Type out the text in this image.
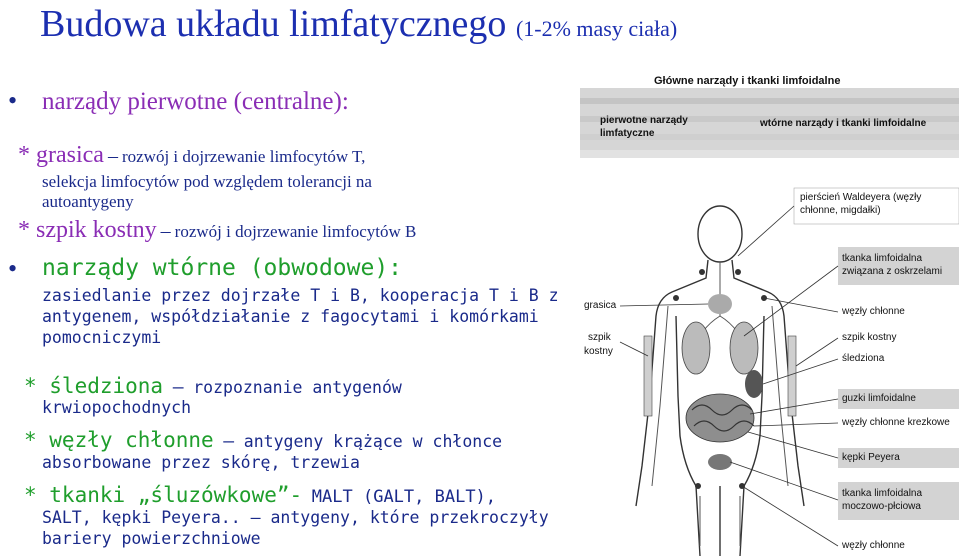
Budowa układu limfatycznego (1-2% masy ciała)
• narządy pierwotne (centralne):
* grasica – rozwój i dojrzewanie limfocytów T,
selekcja limfocytów pod względem tolerancji na
autoantygeny
* szpik kostny – rozwój i dojrzewanie limfocytów B
• narządy wtórne (obwodowe):
zasiedlanie przez dojrzałe T i B, kooperacja T i B z
antygenem, współdziałanie z fagocytami i komórkami
pomocniczymi
* śledziona – rozpoznanie antygenów
krwiopochodnych
* węzły chłonne – antygeny krążące w chłonce
absorbowane przez skórę, trzewia
* tkanki „śluzówkowe”- MALT (GALT, BALT),
SALT, kępki Peyera.. – antygeny, które przekroczyły
bariery powierzchniowe
Główne narządy i tkanki limfoidalne
pierwotne narządy
limfatyczne
wtórne narządy i tkanki limfoidalne
grasica
szpik
kostny
pierścień Waldeyera (węzły
chłonne, migdałki)
tkanka limfoidalna
związana z oskrzelami
węzły chłonne
szpik kostny
śledziona
guzki limfoidalne
węzły chłonne krezkowe
kępki Peyera
tkanka limfoidalna
moczowo-płciowa
węzły chłonne
